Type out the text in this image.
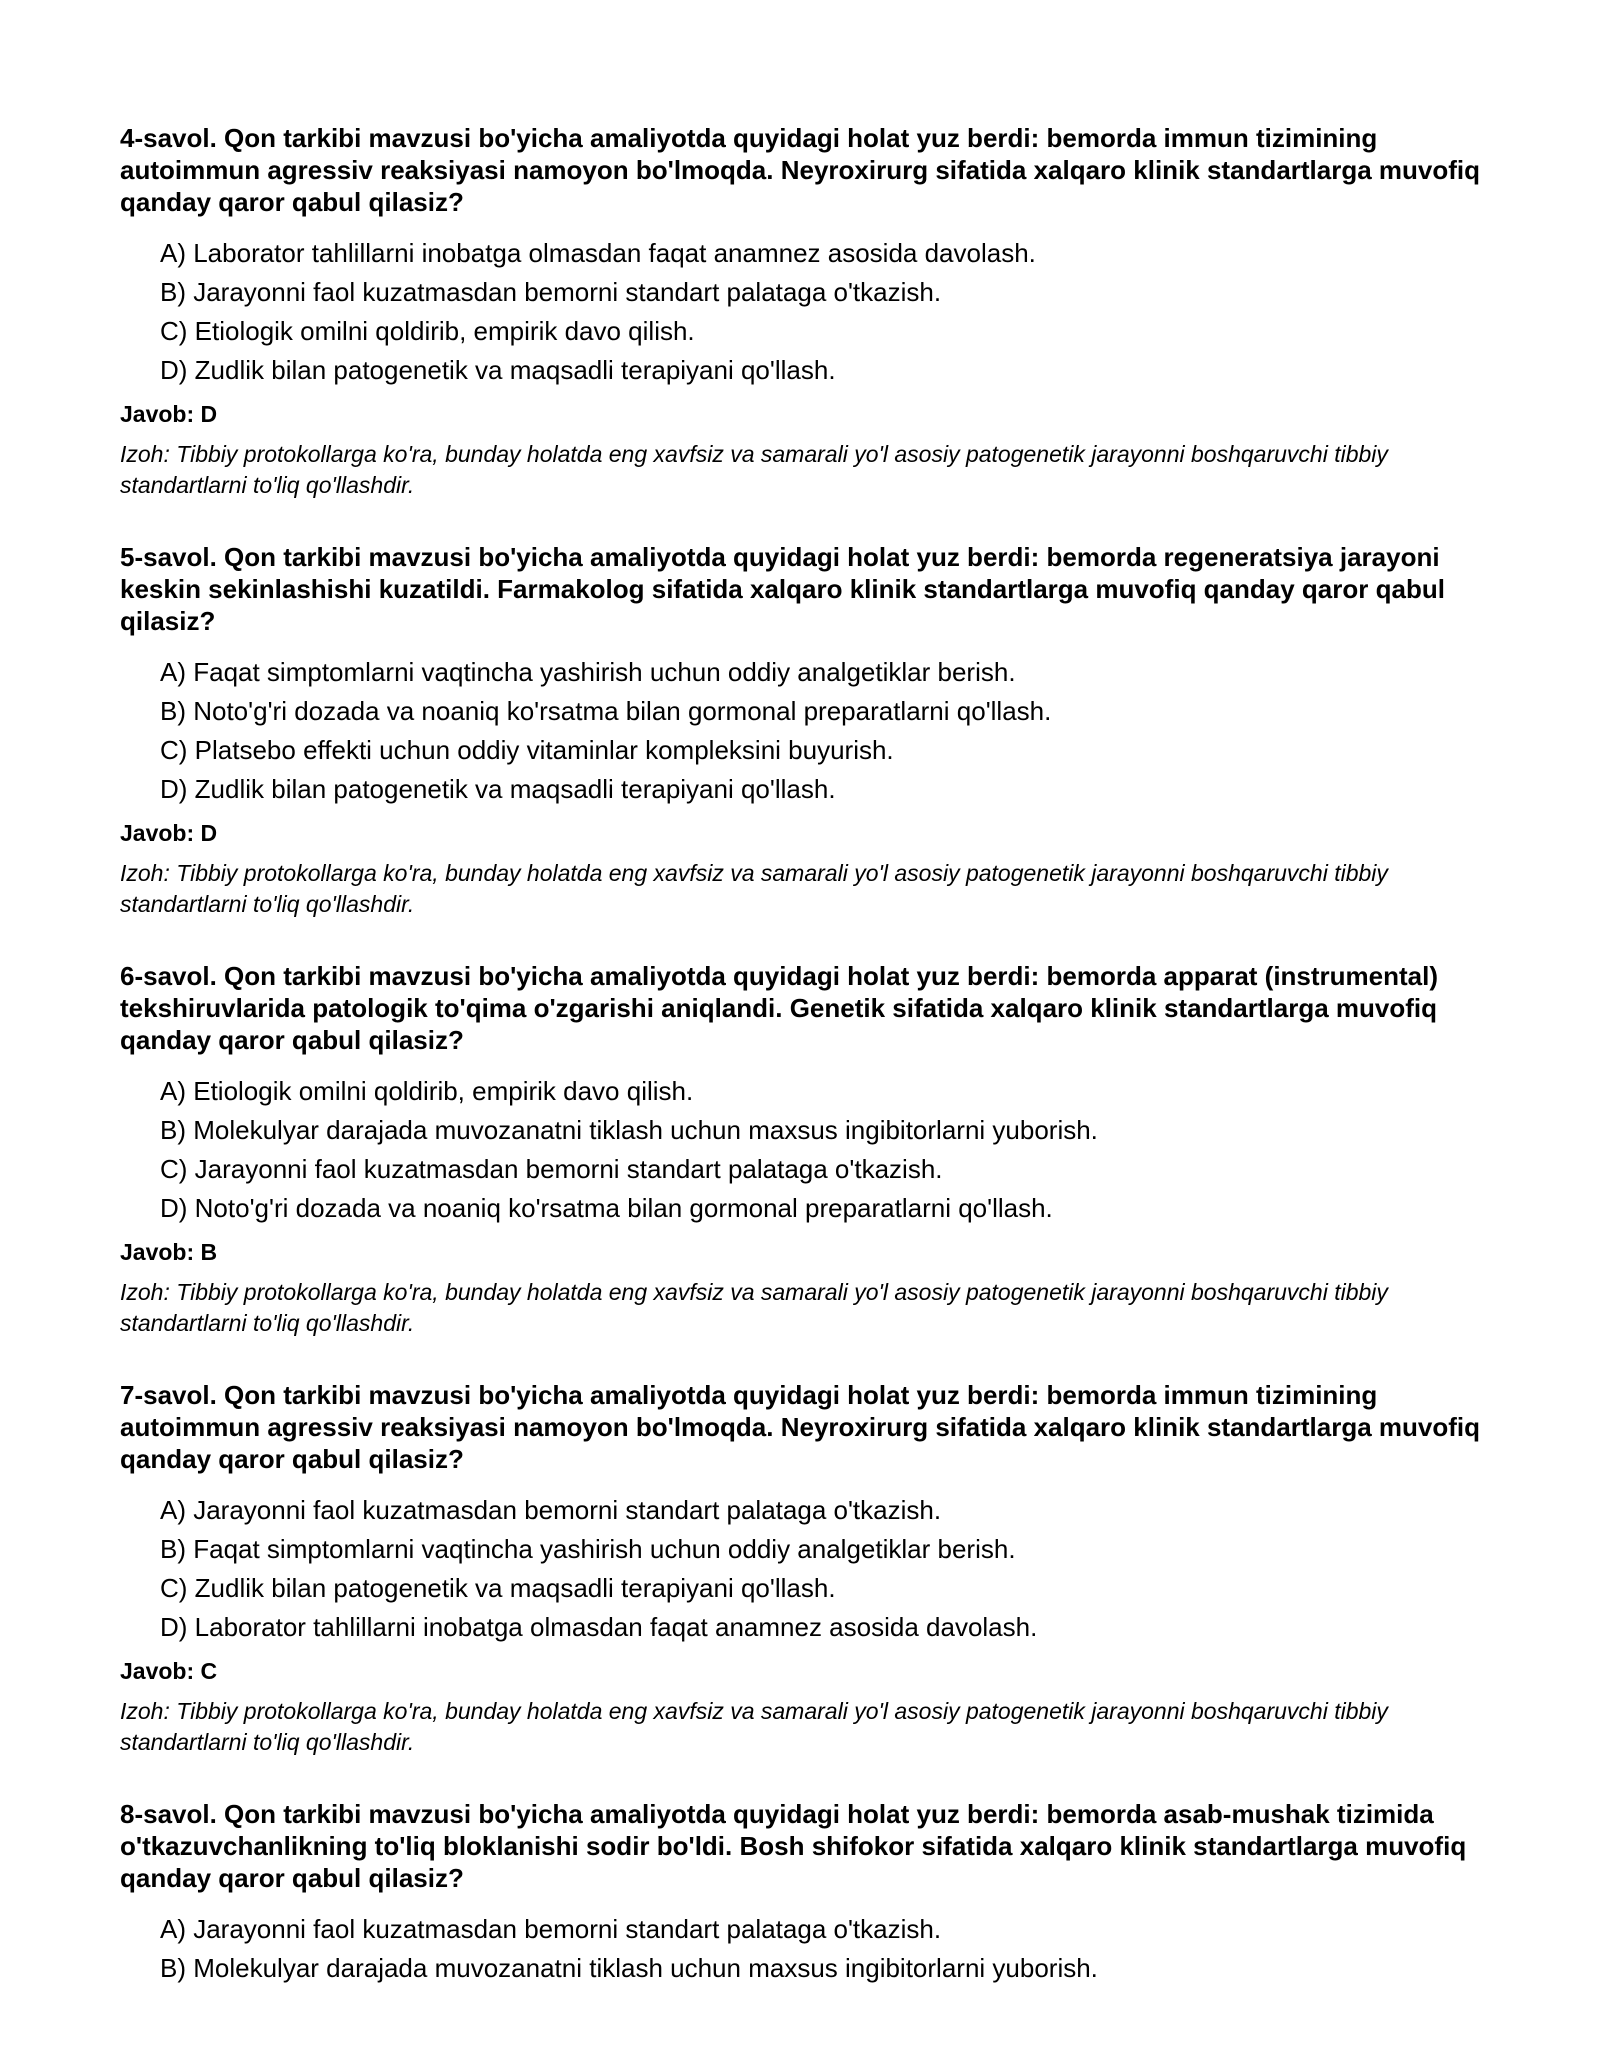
4-savol. Qon tarkibi mavzusi bo'yicha amaliyotda quyidagi holat yuz berdi: bemorda immun tizimining autoimmun agressiv reaksiyasi namoyon bo'lmoqda. Neyroxirurg sifatida xalqaro klinik standartlarga muvofiq qanday qaror qabul qilasiz?

A) Laborator tahlillarni inobatga olmasdan faqat anamnez asosida davolash.
B) Jarayonni faol kuzatmasdan bemorni standart palataga o'tkazish.
C) Etiologik omilni qoldirib, empirik davo qilish.
D) Zudlik bilan patogenetik va maqsadli terapiyani qo'llash.

Javob: D

Izoh: Tibbiy protokollarga ko'ra, bunday holatda eng xavfsiz va samarali yo'l asosiy patogenetik jarayonni boshqaruvchi tibbiy standartlarni to'liq qo'llashdir.

5-savol. Qon tarkibi mavzusi bo'yicha amaliyotda quyidagi holat yuz berdi: bemorda regeneratsiya jarayoni keskin sekinlashishi kuzatildi. Farmakolog sifatida xalqaro klinik standartlarga muvofiq qanday qaror qabul qilasiz?

A) Faqat simptomlarni vaqtincha yashirish uchun oddiy analgetiklar berish.
B) Noto'g'ri dozada va noaniq ko'rsatma bilan gormonal preparatlarni qo'llash.
C) Platsebo effekti uchun oddiy vitaminlar kompleksini buyurish.
D) Zudlik bilan patogenetik va maqsadli terapiyani qo'llash.

Javob: D

Izoh: Tibbiy protokollarga ko'ra, bunday holatda eng xavfsiz va samarali yo'l asosiy patogenetik jarayonni boshqaruvchi tibbiy standartlarni to'liq qo'llashdir.

6-savol. Qon tarkibi mavzusi bo'yicha amaliyotda quyidagi holat yuz berdi: bemorda apparat (instrumental) tekshiruvlarida patologik to'qima o'zgarishi aniqlandi. Genetik sifatida xalqaro klinik standartlarga muvofiq qanday qaror qabul qilasiz?

A) Etiologik omilni qoldirib, empirik davo qilish.
B) Molekulyar darajada muvozanatni tiklash uchun maxsus ingibitorlarni yuborish.
C) Jarayonni faol kuzatmasdan bemorni standart palataga o'tkazish.
D) Noto'g'ri dozada va noaniq ko'rsatma bilan gormonal preparatlarni qo'llash.

Javob: B

Izoh: Tibbiy protokollarga ko'ra, bunday holatda eng xavfsiz va samarali yo'l asosiy patogenetik jarayonni boshqaruvchi tibbiy standartlarni to'liq qo'llashdir.

7-savol. Qon tarkibi mavzusi bo'yicha amaliyotda quyidagi holat yuz berdi: bemorda immun tizimining autoimmun agressiv reaksiyasi namoyon bo'lmoqda. Neyroxirurg sifatida xalqaro klinik standartlarga muvofiq qanday qaror qabul qilasiz?

A) Jarayonni faol kuzatmasdan bemorni standart palataga o'tkazish.
B) Faqat simptomlarni vaqtincha yashirish uchun oddiy analgetiklar berish.
C) Zudlik bilan patogenetik va maqsadli terapiyani qo'llash.
D) Laborator tahlillarni inobatga olmasdan faqat anamnez asosida davolash.

Javob: C

Izoh: Tibbiy protokollarga ko'ra, bunday holatda eng xavfsiz va samarali yo'l asosiy patogenetik jarayonni boshqaruvchi tibbiy standartlarni to'liq qo'llashdir.

8-savol. Qon tarkibi mavzusi bo'yicha amaliyotda quyidagi holat yuz berdi: bemorda asab-mushak tizimida o'tkazuvchanlikning to'liq bloklanishi sodir bo'ldi. Bosh shifokor sifatida xalqaro klinik standartlarga muvofiq qanday qaror qabul qilasiz?

A) Jarayonni faol kuzatmasdan bemorni standart palataga o'tkazish.
B) Molekulyar darajada muvozanatni tiklash uchun maxsus ingibitorlarni yuborish.
